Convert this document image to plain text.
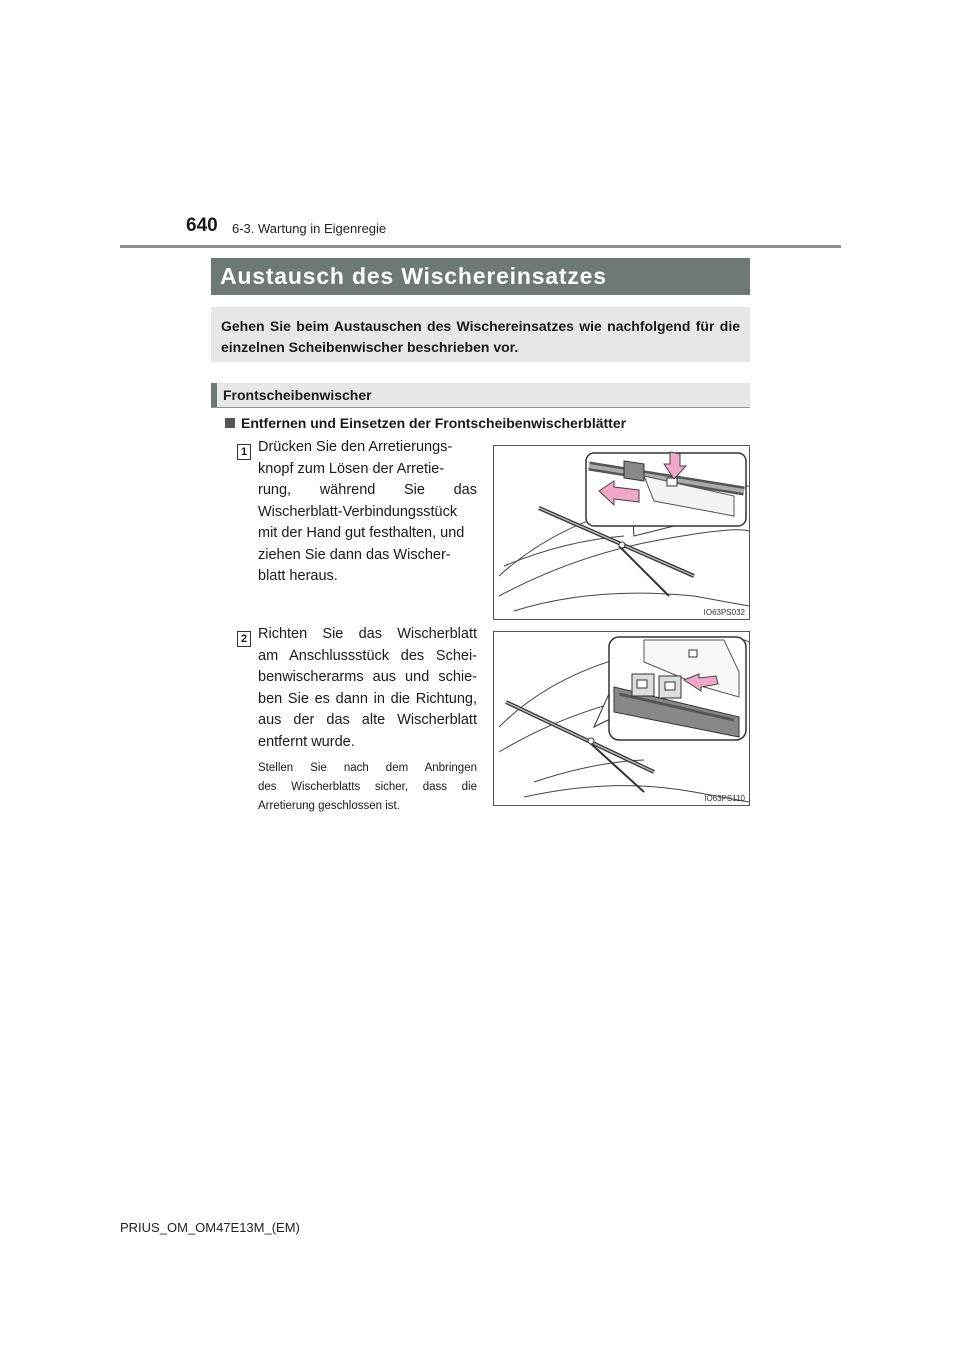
640 6-3. Wartung in Eigenregie
Austausch des Wischereinsatzes
Gehen Sie beim Austauschen des Wischereinsatzes wie nachfolgend für die einzelnen Scheibenwischer beschrieben vor.
Frontscheibenwischer
Entfernen und Einsetzen der Frontscheibenwischerblätter
1 Drücken Sie den Arretierungs-
knopf zum Lösen der Arretie-
rung, während Sie das
Wischerblatt-Verbindungsstück
mit der Hand gut festhalten, und
ziehen Sie dann das Wischer-
blatt heraus.
IO63PS032
2 Richten Sie das Wischerblatt
am Anschlussstück des Schei-
benwischerarms aus und schie-
ben Sie es dann in die Richtung,
aus der das alte Wischerblatt
entfernt wurde.
Stellen Sie nach dem Anbringen
des Wischerblatts sicher, dass die
Arretierung geschlossen ist.
IO63PS110
PRIUS_OM_OM47E13M_(EM)
